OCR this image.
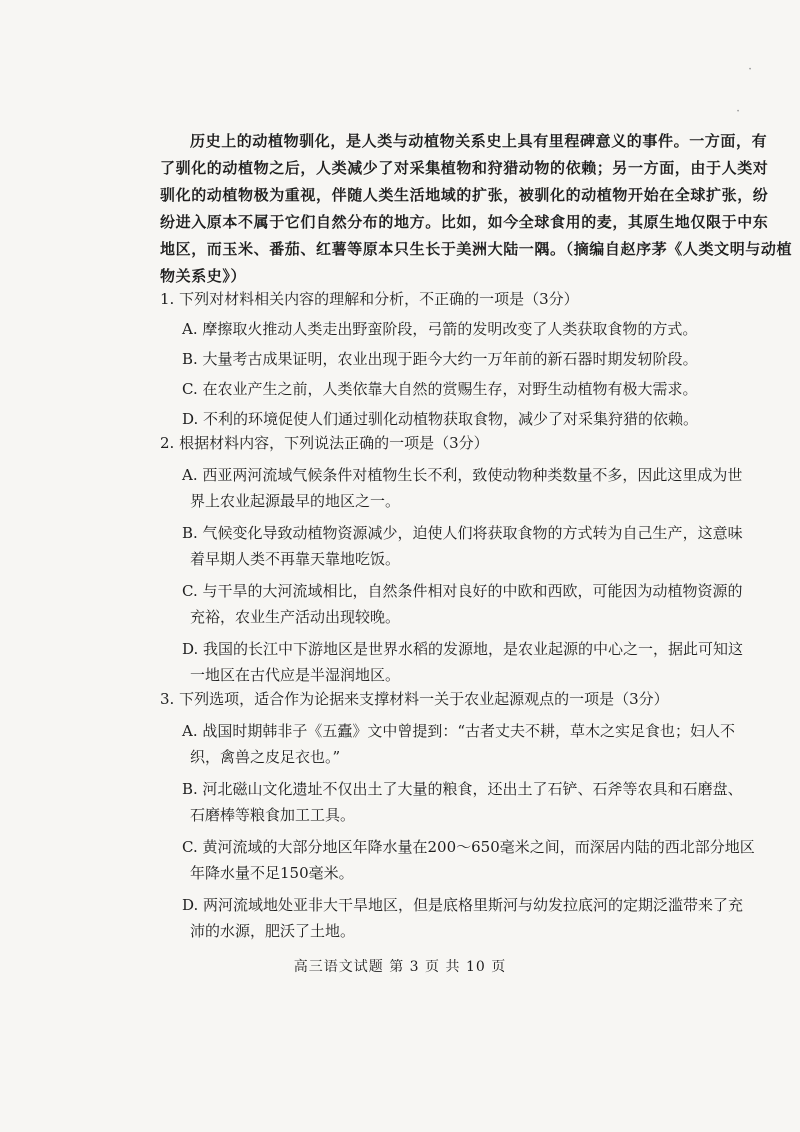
·
·
历史上的动植物驯化，是人类与动植物关系史上具有里程碑意义的事件。一方面，有
了驯化的动植物之后，人类减少了对采集植物和狩猎动物的依赖；另一方面，由于人类对
驯化的动植物极为重视，伴随人类生活地域的扩张，被驯化的动植物开始在全球扩张，纷
纷进入原本不属于它们自然分布的地方。比如，如今全球食用的麦，其原生地仅限于中东
地区，而玉米、番茄、红薯等原本只生长于美洲大陆一隅。（摘编自赵序茅《人类文明与动植
物关系史》）
1. 下列对材料相关内容的理解和分析，不正确的一项是（3分）
A. 摩擦取火推动人类走出野蛮阶段，弓箭的发明改变了人类获取食物的方式。
B. 大量考古成果证明，农业出现于距今大约一万年前的新石器时期发轫阶段。
C. 在农业产生之前，人类依靠大自然的赏赐生存，对野生动植物有极大需求。
D. 不利的环境促使人们通过驯化动植物获取食物，减少了对采集狩猎的依赖。
2. 根据材料内容，下列说法正确的一项是（3分）
A. 西亚两河流域气候条件对植物生长不利，致使动物种类数量不多，因此这里成为世
界上农业起源最早的地区之一。
B. 气候变化导致动植物资源减少，迫使人们将获取食物的方式转为自己生产，这意味
着早期人类不再靠天靠地吃饭。
C. 与干旱的大河流域相比，自然条件相对良好的中欧和西欧，可能因为动植物资源的
充裕，农业生产活动出现较晚。
D. 我国的长江中下游地区是世界水稻的发源地，是农业起源的中心之一，据此可知这
一地区在古代应是半湿润地区。
3. 下列选项，适合作为论据来支撑材料一关于农业起源观点的一项是（3分）
A. 战国时期韩非子《五蠹》文中曾提到：“古者丈夫不耕，草木之实足食也；妇人不
织，禽兽之皮足衣也。”
B. 河北磁山文化遗址不仅出土了大量的粮食，还出土了石铲、石斧等农具和石磨盘、
石磨棒等粮食加工工具。
C. 黄河流域的大部分地区年降水量在200～650毫米之间，而深居内陆的西北部分地区
年降水量不足150毫米。
D. 两河流域地处亚非大干旱地区，但是底格里斯河与幼发拉底河的定期泛滥带来了充
沛的水源，肥沃了土地。
高三语文试题 第 3 页 共 10 页
